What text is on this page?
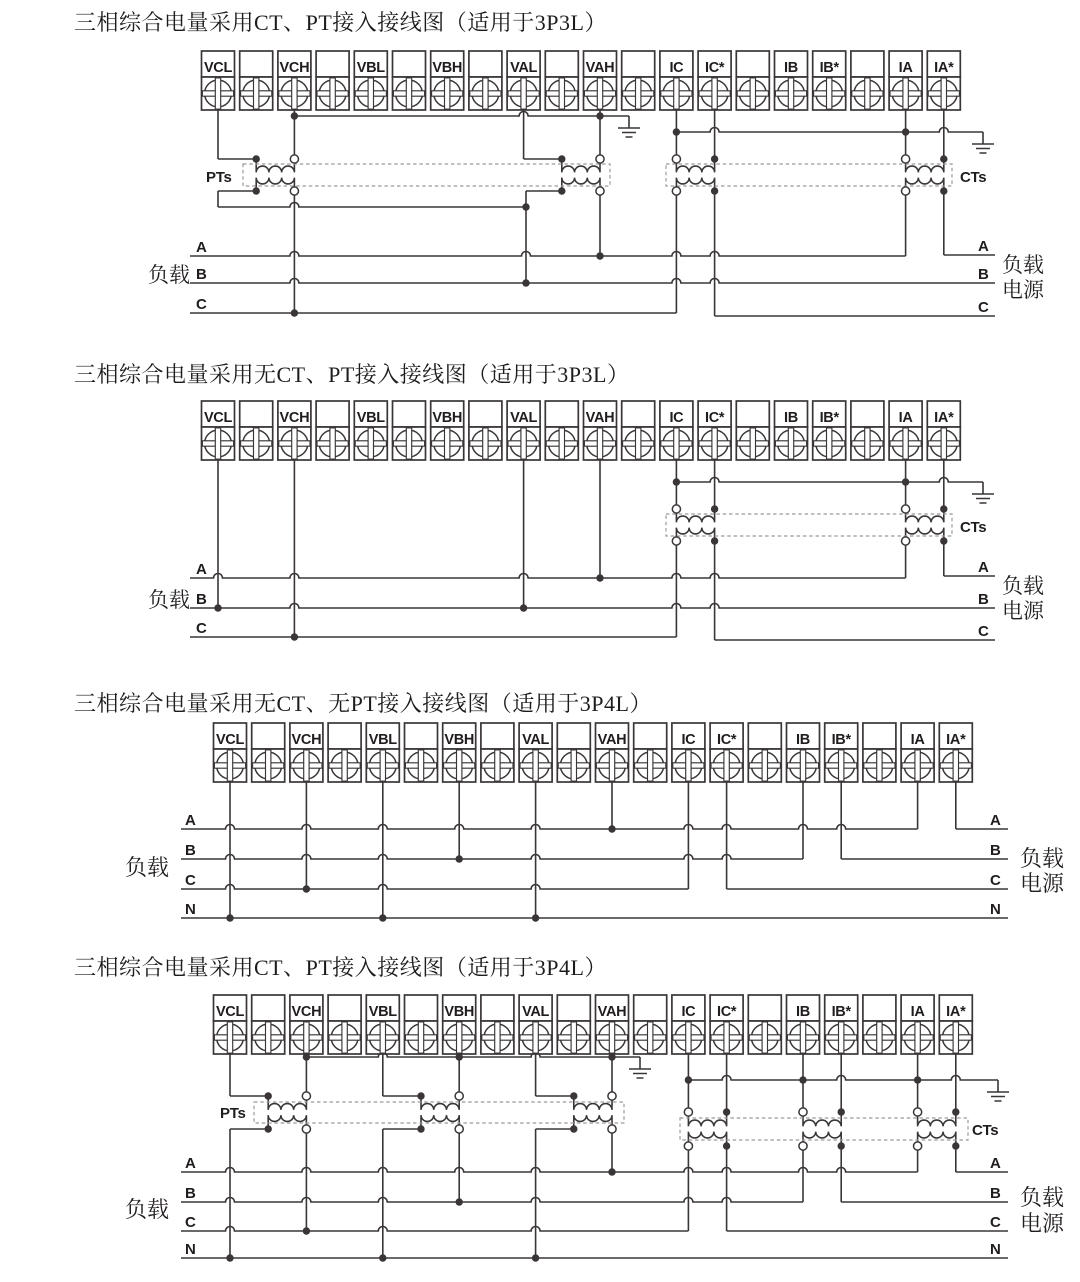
三相综合电量采用CT、PT接入接线图（适用于3P3L）
PTs	CTs
A
B
C
A
B
C
负载	负载
电源
VCL	VCH	VBL	VBH	VAL	VAH	IC IC*	IB IB*	IA IA*
三相综合电量采用无CT、PT接入接线图（适用于3P3L）
CTs
A
B
C
A
B
C
负载
负载
电源
VCL	VCH	VBL	VBH	VAL	VAH	IC IC*	IB IB*	IA IA*
三相综合电量采用无CT、无PT接入接线图（适用于3P4L）
A
B
C
N
A
B
C
N
负载	负载
电源
VCL	VCH	VBL	VBH	VAL	VAH	IC IC*	IB IB*	IA IA*
三相综合电量采用CT、PT接入接线图（适用于3P4L）
PTs
CTs
A
B
C
N
A
B
C
N
负载	负载
电源
VCL	VCH	VBL	VBH	VAL	VAH	IC IC*	IB IB*	IA IA*
